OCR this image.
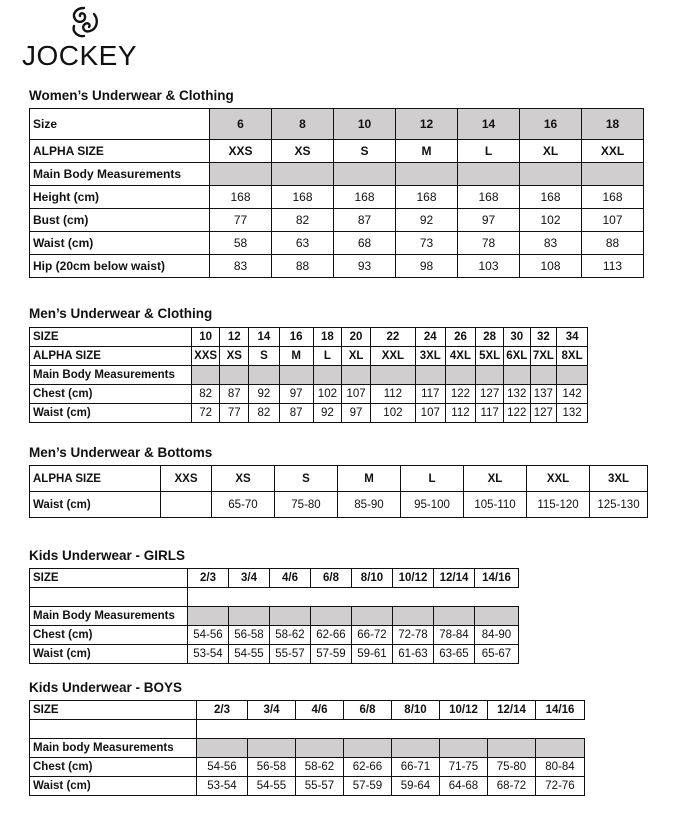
JOCKEY
Women’s Underwear & Clothing
Size	6	8	10	12	14	16	18
ALPHA SIZE	XXS	XS	S	M	L	XL	XXL
Main Body Measurements							
Height (cm)	168	168	168	168	168	168	168
Bust (cm)	77	82	87	92	97	102	107
Waist (cm)	58	63	68	73	78	83	88
Hip (20cm below waist)	83	88	93	98	103	108	113
Men’s Underwear & Clothing
SIZE	10	12	14	16	18	20	22	24	26	28	30	32	34
ALPHA SIZE	XXS	XS	S	M	L	XL	XXL	3XL	4XL	5XL	6XL	7XL	8XL
Main Body Measurements													
Chest (cm)	82	87	92	97	102	107	112	117	122	127	132	137	142
Waist (cm)	72	77	82	87	92	97	102	107	112	117	122	127	132
Men’s Underwear & Bottoms
ALPHA SIZE	XXS	XS	S	M	L	XL	XXL	3XL
Waist (cm)		65-70	75-80	85-90	95-100	105-110	115-120	125-130
Kids Underwear - GIRLS
SIZE	2/3	3/4	4/6	6/8	8/10	10/12	12/14	14/16

Main Body Measurements								
Chest (cm)	54-56	56-58	58-62	62-66	66-72	72-78	78-84	84-90
Waist (cm)	53-54	54-55	55-57	57-59	59-61	61-63	63-65	65-67
Kids Underwear - BOYS
SIZE	2/3	3/4	4/6	6/8	8/10	10/12	12/14	14/16

Main body Measurements								
Chest (cm)	54-56	56-58	58-62	62-66	66-71	71-75	75-80	80-84
Waist (cm)	53-54	54-55	55-57	57-59	59-64	64-68	68-72	72-76
